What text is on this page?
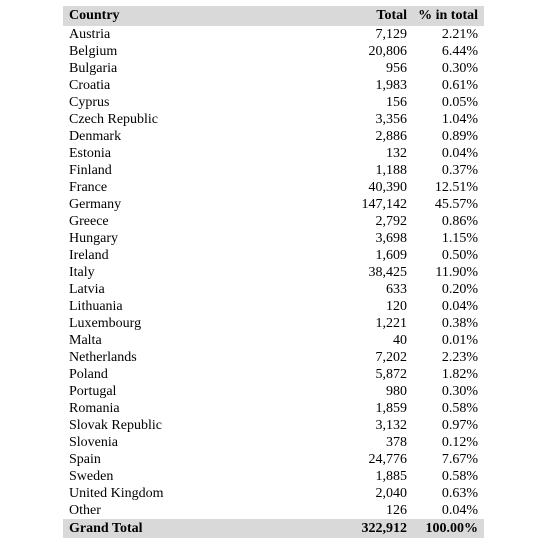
Country	Total	% in total
Austria	7,129	2.21%
Belgium	20,806	6.44%
Bulgaria	956	0.30%
Croatia	1,983	0.61%
Cyprus	156	0.05%
Czech Republic	3,356	1.04%
Denmark	2,886	0.89%
Estonia	132	0.04%
Finland	1,188	0.37%
France	40,390	12.51%
Germany	147,142	45.57%
Greece	2,792	0.86%
Hungary	3,698	1.15%
Ireland	1,609	0.50%
Italy	38,425	11.90%
Latvia	633	0.20%
Lithuania	120	0.04%
Luxembourg	1,221	0.38%
Malta	40	0.01%
Netherlands	7,202	2.23%
Poland	5,872	1.82%
Portugal	980	0.30%
Romania	1,859	0.58%
Slovak Republic	3,132	0.97%
Slovenia	378	0.12%
Spain	24,776	7.67%
Sweden	1,885	0.58%
United Kingdom	2,040	0.63%
Other	126	0.04%
Grand Total	322,912	100.00%
